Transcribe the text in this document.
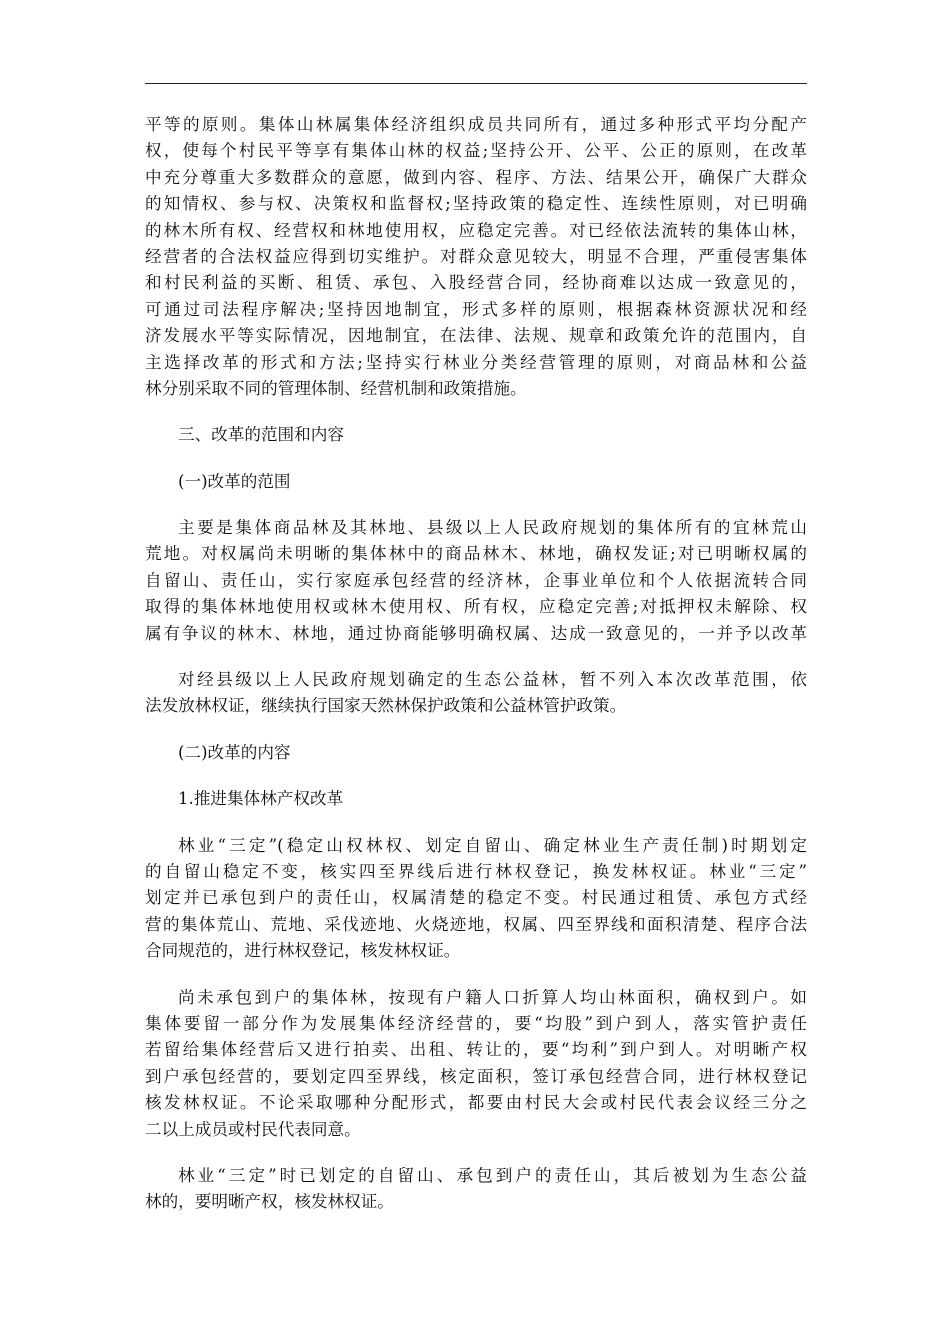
平等的原则。集体山林属集体经济组织成员共同所有，通过多种形式平均分配产
权，使每个村民平等享有集体山林的权益;坚持公开、公平、公正的原则，在改革
中充分尊重大多数群众的意愿，做到内容、程序、方法、结果公开，确保广大群众
的知情权、参与权、决策权和监督权;坚持政策的稳定性、连续性原则，对已明确
的林木所有权、经营权和林地使用权，应稳定完善。对已经依法流转的集体山林，
经营者的合法权益应得到切实维护。对群众意见较大，明显不合理，严重侵害集体
和村民利益的买断、租赁、承包、入股经营合同，经协商难以达成一致意见的，
可通过司法程序解决;坚持因地制宜，形式多样的原则，根据森林资源状况和经
济发展水平等实际情况，因地制宜，在法律、法规、规章和政策允许的范围内，自
主选择改革的形式和方法;坚持实行林业分类经营管理的原则，对商品林和公益
林分别采取不同的管理体制、经营机制和政策措施。
三、改革的范围和内容
(一)改革的范围
主要是集体商品林及其林地、县级以上人民政府规划的集体所有的宜林荒山
荒地。对权属尚未明晰的集体林中的商品林木、林地，确权发证;对已明晰权属的
自留山、责任山，实行家庭承包经营的经济林，企事业单位和个人依据流转合同
取得的集体林地使用权或林木使用权、所有权，应稳定完善;对抵押权未解除、权
属有争议的林木、林地，通过协商能够明确权属、达成一致意见的，一并予以改革
对经县级以上人民政府规划确定的生态公益林，暂不列入本次改革范围，依
法发放林权证，继续执行国家天然林保护政策和公益林管护政策。
(二)改革的内容
1.推进集体林产权改革
林业“三定”(稳定山权林权、划定自留山、确定林业生产责任制)时期划定
的自留山稳定不变，核实四至界线后进行林权登记，换发林权证。林业“三定”
划定并已承包到户的责任山，权属清楚的稳定不变。村民通过租赁、承包方式经
营的集体荒山、荒地、采伐迹地、火烧迹地，权属、四至界线和面积清楚、程序合法
合同规范的，进行林权登记，核发林权证。
尚未承包到户的集体林，按现有户籍人口折算人均山林面积，确权到户。如
集体要留一部分作为发展集体经济经营的，要“均股”到户到人，落实管护责任
若留给集体经营后又进行拍卖、出租、转让的，要“均利”到户到人。对明晰产权
到户承包经营的，要划定四至界线，核定面积，签订承包经营合同，进行林权登记
核发林权证。不论采取哪种分配形式，都要由村民大会或村民代表会议经三分之
二以上成员或村民代表同意。
林业“三定”时已划定的自留山、承包到户的责任山，其后被划为生态公益
林的，要明晰产权，核发林权证。
